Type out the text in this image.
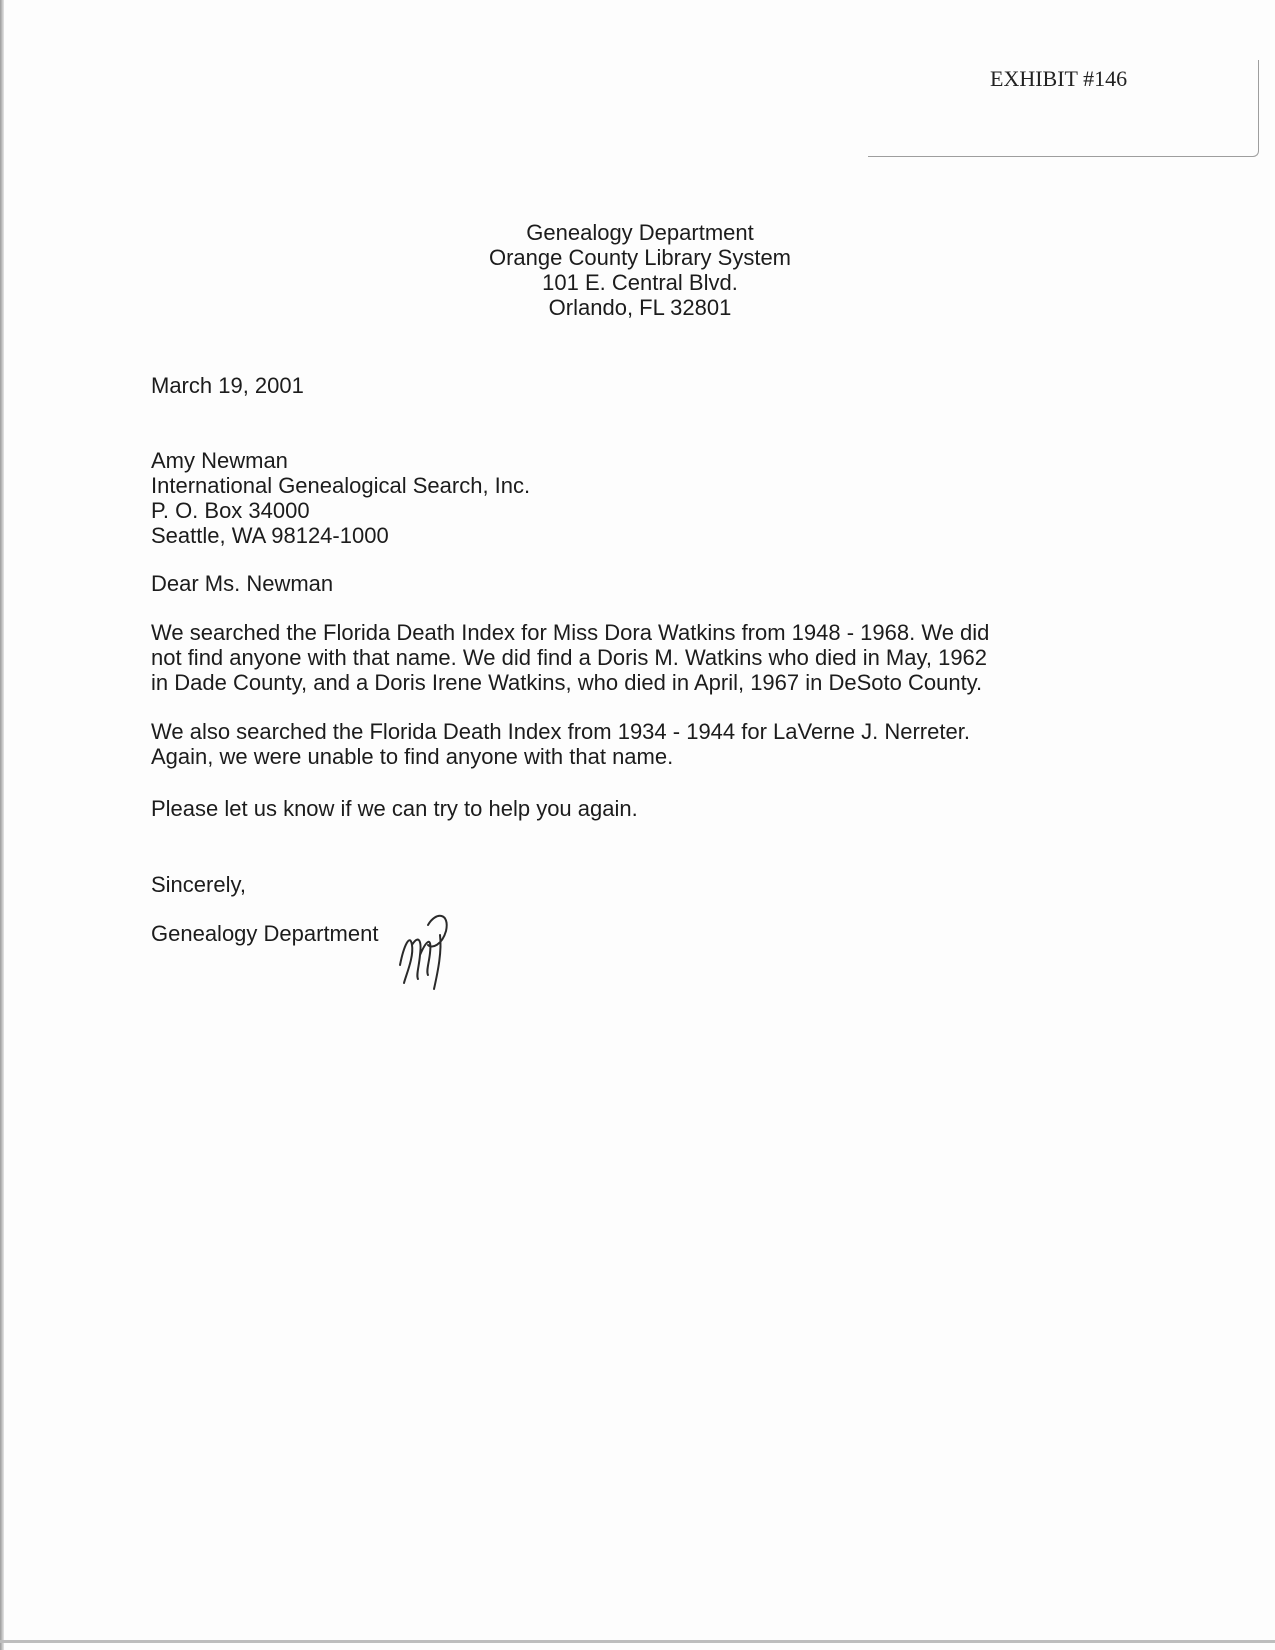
EXHIBIT #146
Genealogy Department
Orange County Library System
101 E. Central Blvd.
Orlando, FL 32801
March 19, 2001
Amy Newman
International Genealogical Search, Inc.
P. O. Box 34000
Seattle, WA 98124-1000
Dear Ms. Newman
We searched the Florida Death Index for Miss Dora Watkins from 1948 - 1968. We did
not find anyone with that name. We did find a Doris M. Watkins who died in May, 1962
in Dade County, and a Doris Irene Watkins, who died in April, 1967 in DeSoto County.
We also searched the Florida Death Index from 1934 - 1944 for LaVerne J. Nerreter.
Again, we were unable to find anyone with that name.
Please let us know if we can try to help you again.
Sincerely,
Genealogy Department
